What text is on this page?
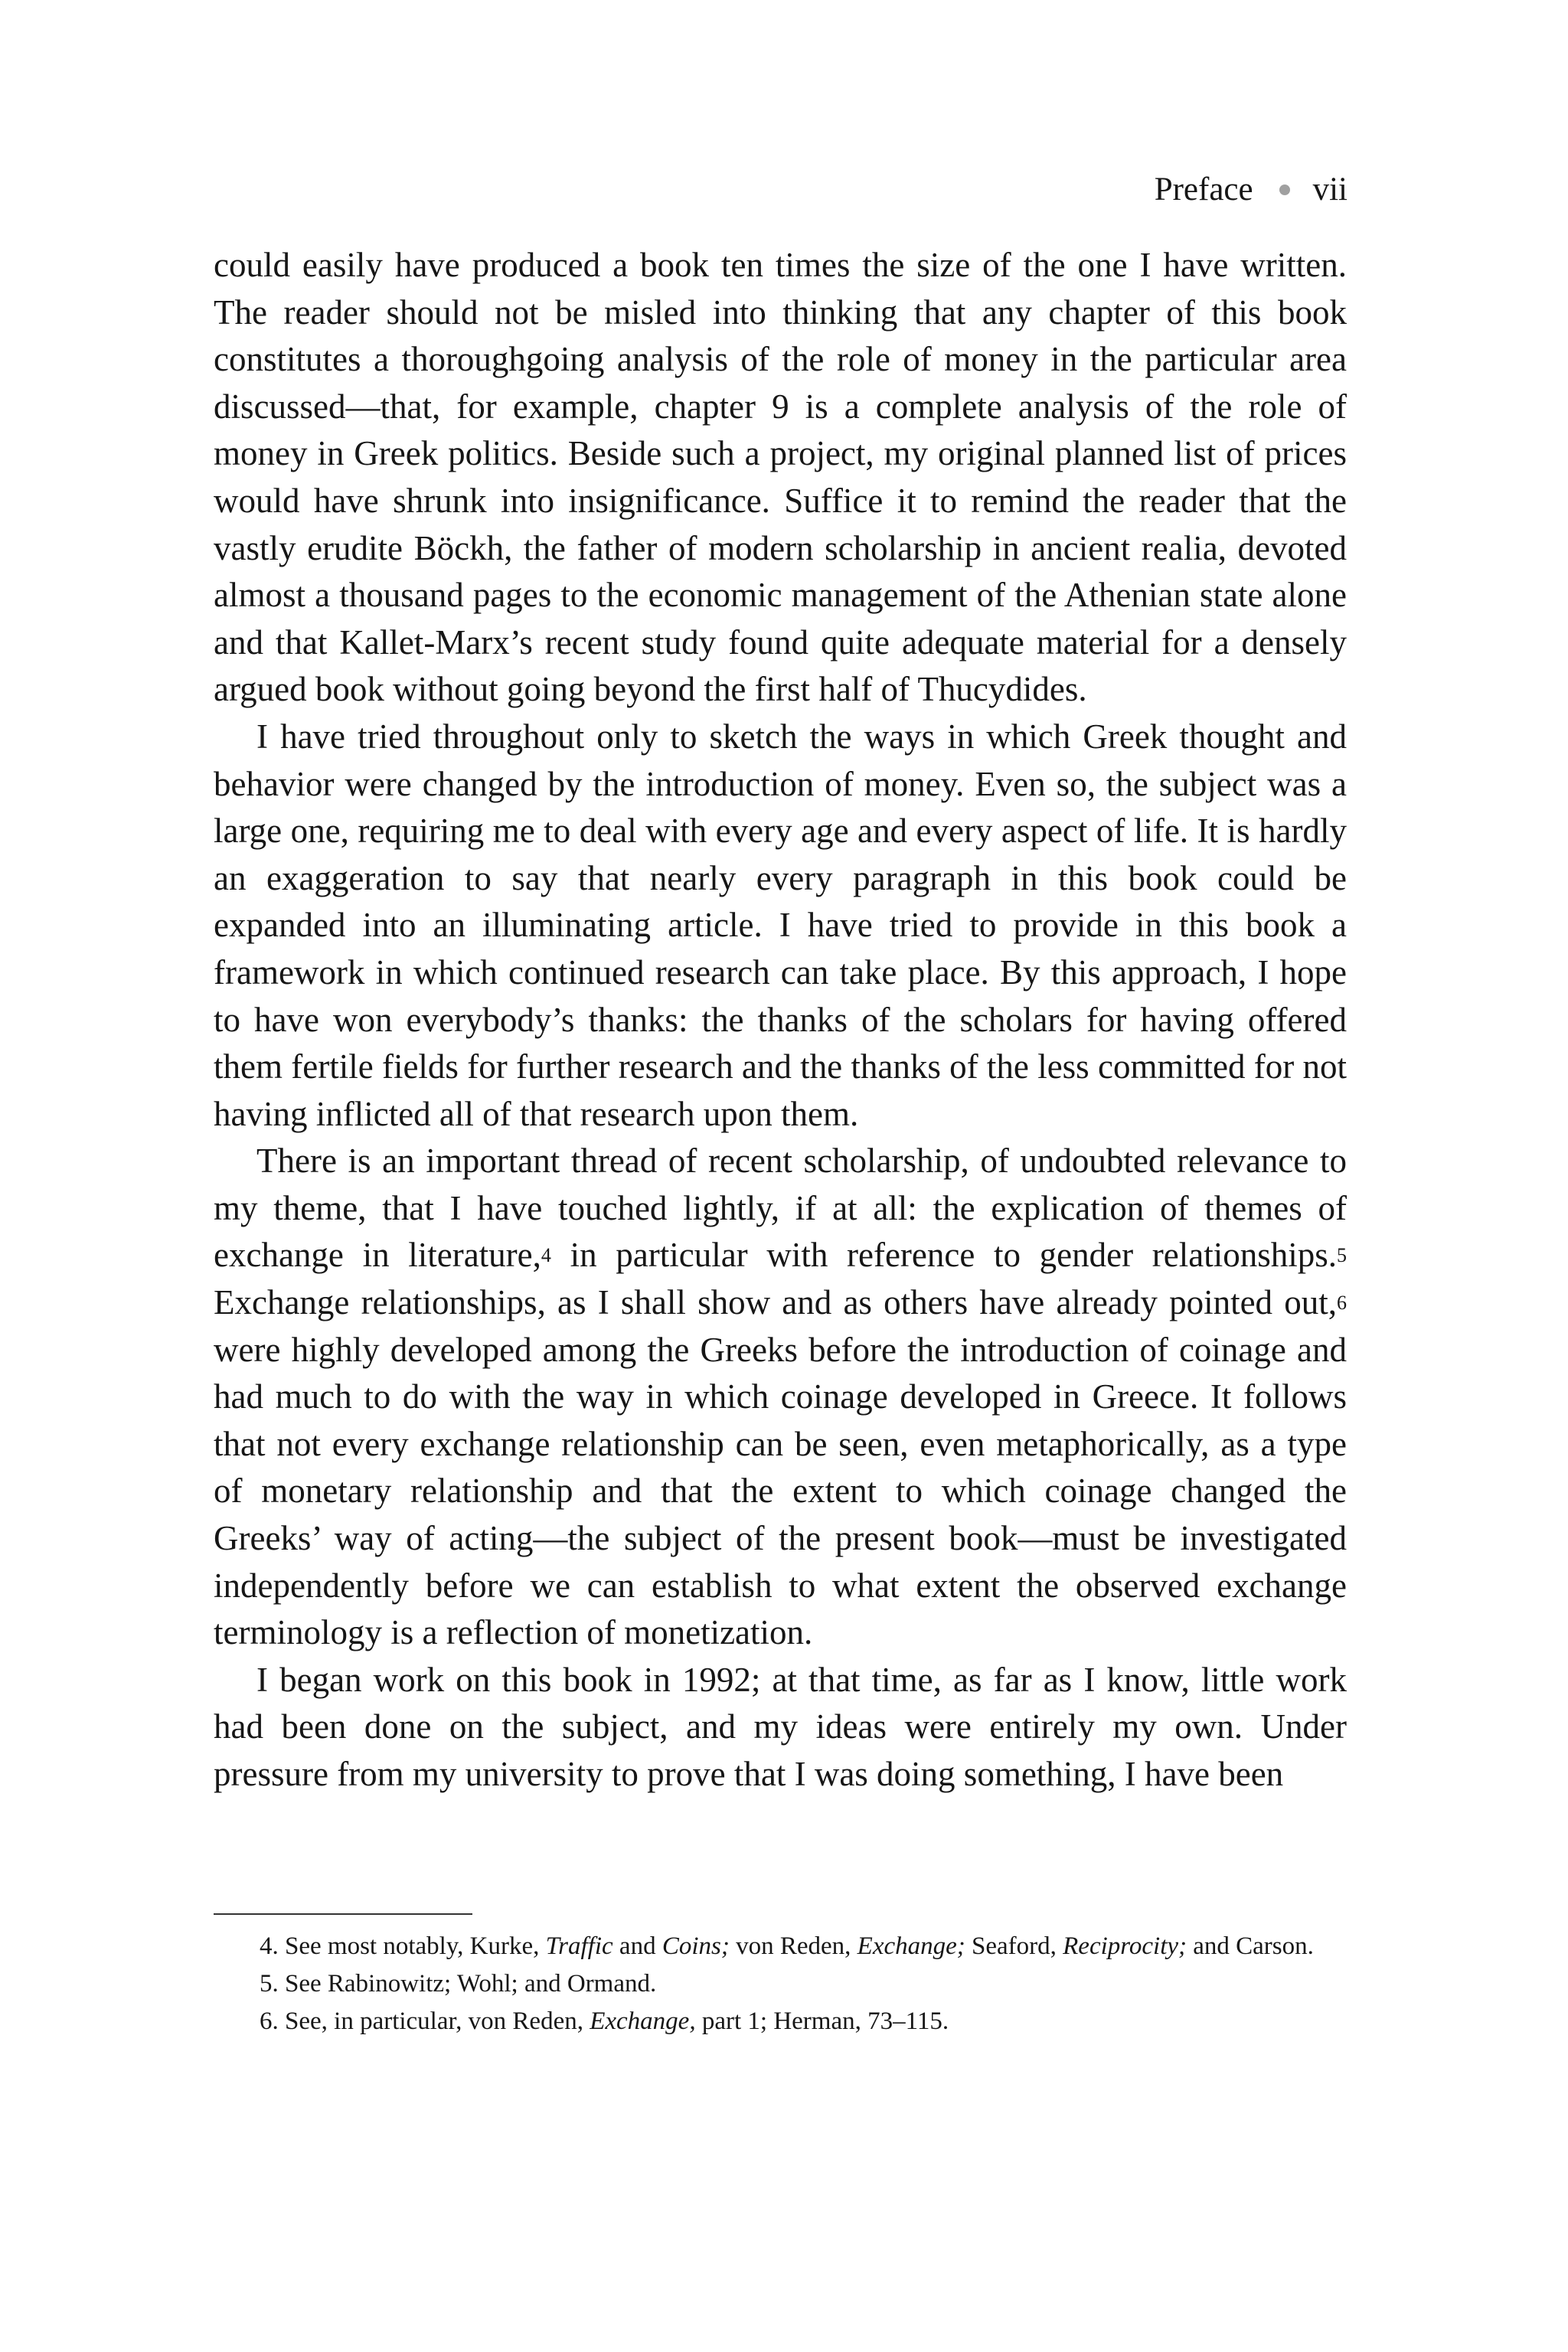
Preface vii

could easily have produced a book ten times the size of the one I have written. The reader should not be misled into thinking that any chapter of this book constitutes a thoroughgoing analysis of the role of money in the particular area discussed—that, for example, chapter 9 is a complete analysis of the role of money in Greek politics. Beside such a project, my original planned list of prices would have shrunk into insignificance. Suffice it to remind the reader that the vastly erudite Böckh, the father of modern scholarship in ancient realia, devoted almost a thousand pages to the economic management of the Athenian state alone and that Kallet-Marx’s recent study found quite adequate material for a densely argued book without going beyond the first half of Thucydides.

I have tried throughout only to sketch the ways in which Greek thought and behavior were changed by the introduction of money. Even so, the subject was a large one, requiring me to deal with every age and every aspect of life. It is hardly an exaggeration to say that nearly every paragraph in this book could be expanded into an illuminating article. I have tried to provide in this book a framework in which continued research can take place. By this approach, I hope to have won everybody’s thanks: the thanks of the scholars for having offered them fertile fields for further research and the thanks of the less committed for not having inflicted all of that research upon them.

There is an important thread of recent scholarship, of undoubted relevance to my theme, that I have touched lightly, if at all: the explication of themes of exchange in literature,$^4$ in particular with reference to gender relationships.$^5$ Exchange relationships, as I shall show and as others have already pointed out,$^6$ were highly developed among the Greeks before the introduction of coinage and had much to do with the way in which coinage developed in Greece. It follows that not every exchange relationship can be seen, even metaphorically, as a type of monetary relationship and that the extent to which coinage changed the Greeks’ way of acting—the subject of the present book—must be investigated independently before we can establish to what extent the observed exchange terminology is a reflection of monetization.

I began work on this book in 1992; at that time, as far as I know, little work had been done on the subject, and my ideas were entirely my own. Under pressure from my university to prove that I was doing something, I have been

4. See most notably, Kurke, Traffic and Coins; von Reden, Exchange; Seaford, Reciprocity; and Carson.

5. See Rabinowitz; Wohl; and Ormand.

6. See, in particular, von Reden, Exchange, part 1; Herman, 73–115.
